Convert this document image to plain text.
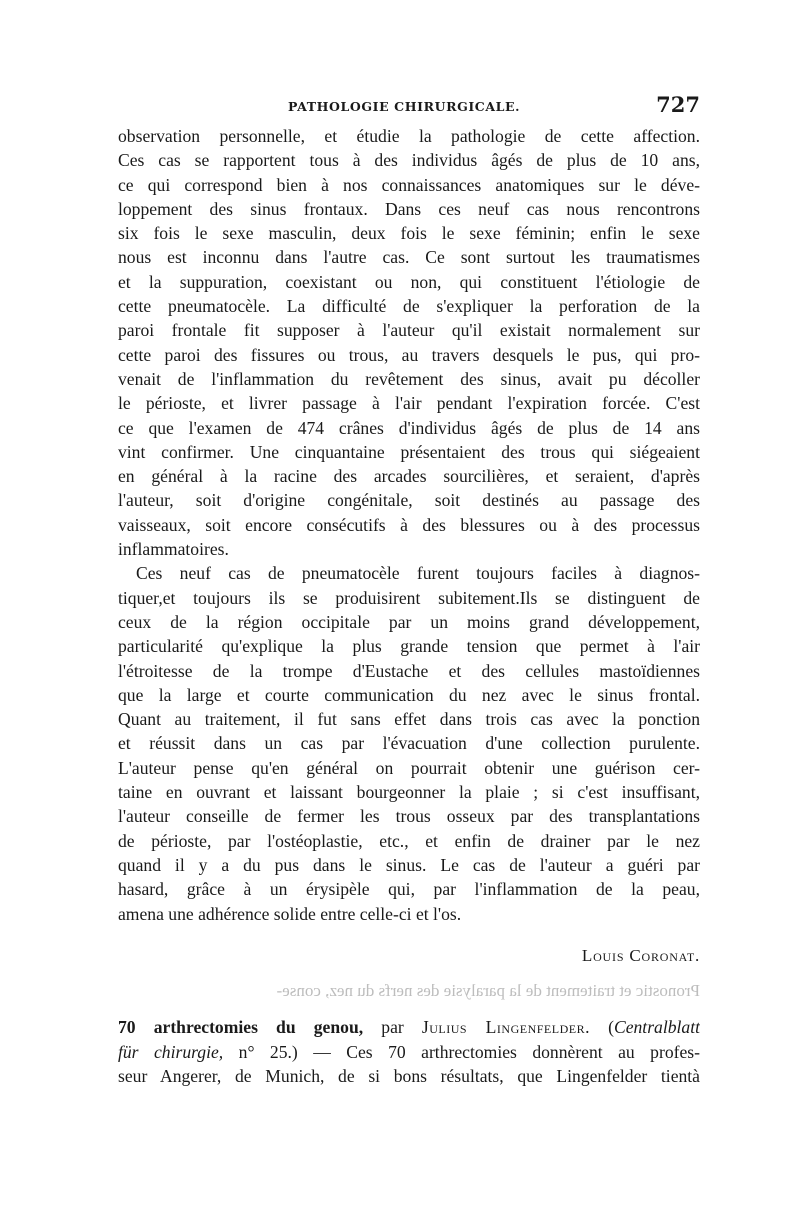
PATHOLOGIE CHIRURGICALE.	727
observation personnelle, et étudie la pathologie de cette affection.
Ces cas se rapportent tous à des individus âgés de plus de 10 ans,
ce qui correspond bien à nos connaissances anatomiques sur le déve-
loppement des sinus frontaux. Dans ces neuf cas nous rencontrons
six fois le sexe masculin, deux fois le sexe féminin; enfin le sexe
nous est inconnu dans l'autre cas. Ce sont surtout les traumatismes
et la suppuration, coexistant ou non, qui constituent l'étiologie de
cette pneumatocèle. La difficulté de s'expliquer la perforation de la
paroi frontale fit supposer à l'auteur qu'il existait normalement sur
cette paroi des fissures ou trous, au travers desquels le pus, qui pro-
venait de l'inflammation du revêtement des sinus, avait pu décoller
le périoste, et livrer passage à l'air pendant l'expiration forcée. C'est
ce que l'examen de 474 crânes d'individus âgés de plus de 14 ans
vint confirmer. Une cinquantaine présentaient des trous qui siégeaient
en général à la racine des arcades sourcilières, et seraient, d'après
l'auteur, soit d'origine congénitale, soit destinés au passage des
vaisseaux, soit encore consécutifs à des blessures ou à des processus
inflammatoires.
Ces neuf cas de pneumatocèle furent toujours faciles à diagnos-
tiquer,et toujours ils se produisirent subitement.Ils se distinguent de
ceux de la région occipitale par un moins grand développement,
particularité qu'explique la plus grande tension que permet à l'air
l'étroitesse de la trompe d'Eustache et des cellules mastoïdiennes
que la large et courte communication du nez avec le sinus frontal.
Quant au traitement, il fut sans effet dans trois cas avec la ponction
et réussit dans un cas par l'évacuation d'une collection purulente.
L'auteur pense qu'en général on pourrait obtenir une guérison cer-
taine en ouvrant et laissant bourgeonner la plaie ; si c'est insuffisant,
l'auteur conseille de fermer les trous osseux par des transplantations
de périoste, par l'ostéoplastie, etc., et enfin de drainer par le nez
quand il y a du pus dans le sinus. Le cas de l'auteur a guéri par
hasard, grâce à un érysipèle qui, par l'inflammation de la peau,
amena une adhérence solide entre celle-ci et l'os.
Louis Coronat.
Pronostic et traitement de la paralysie des nerfs du nez, conse-
70 arthrectomies du genou, par Julius Lingenfelder. (Centralblatt
für chirurgie, n° 25.) — Ces 70 arthrectomies donnèrent au profes-
seur Angerer, de Munich, de si bons résultats, que Lingenfelder tientà
